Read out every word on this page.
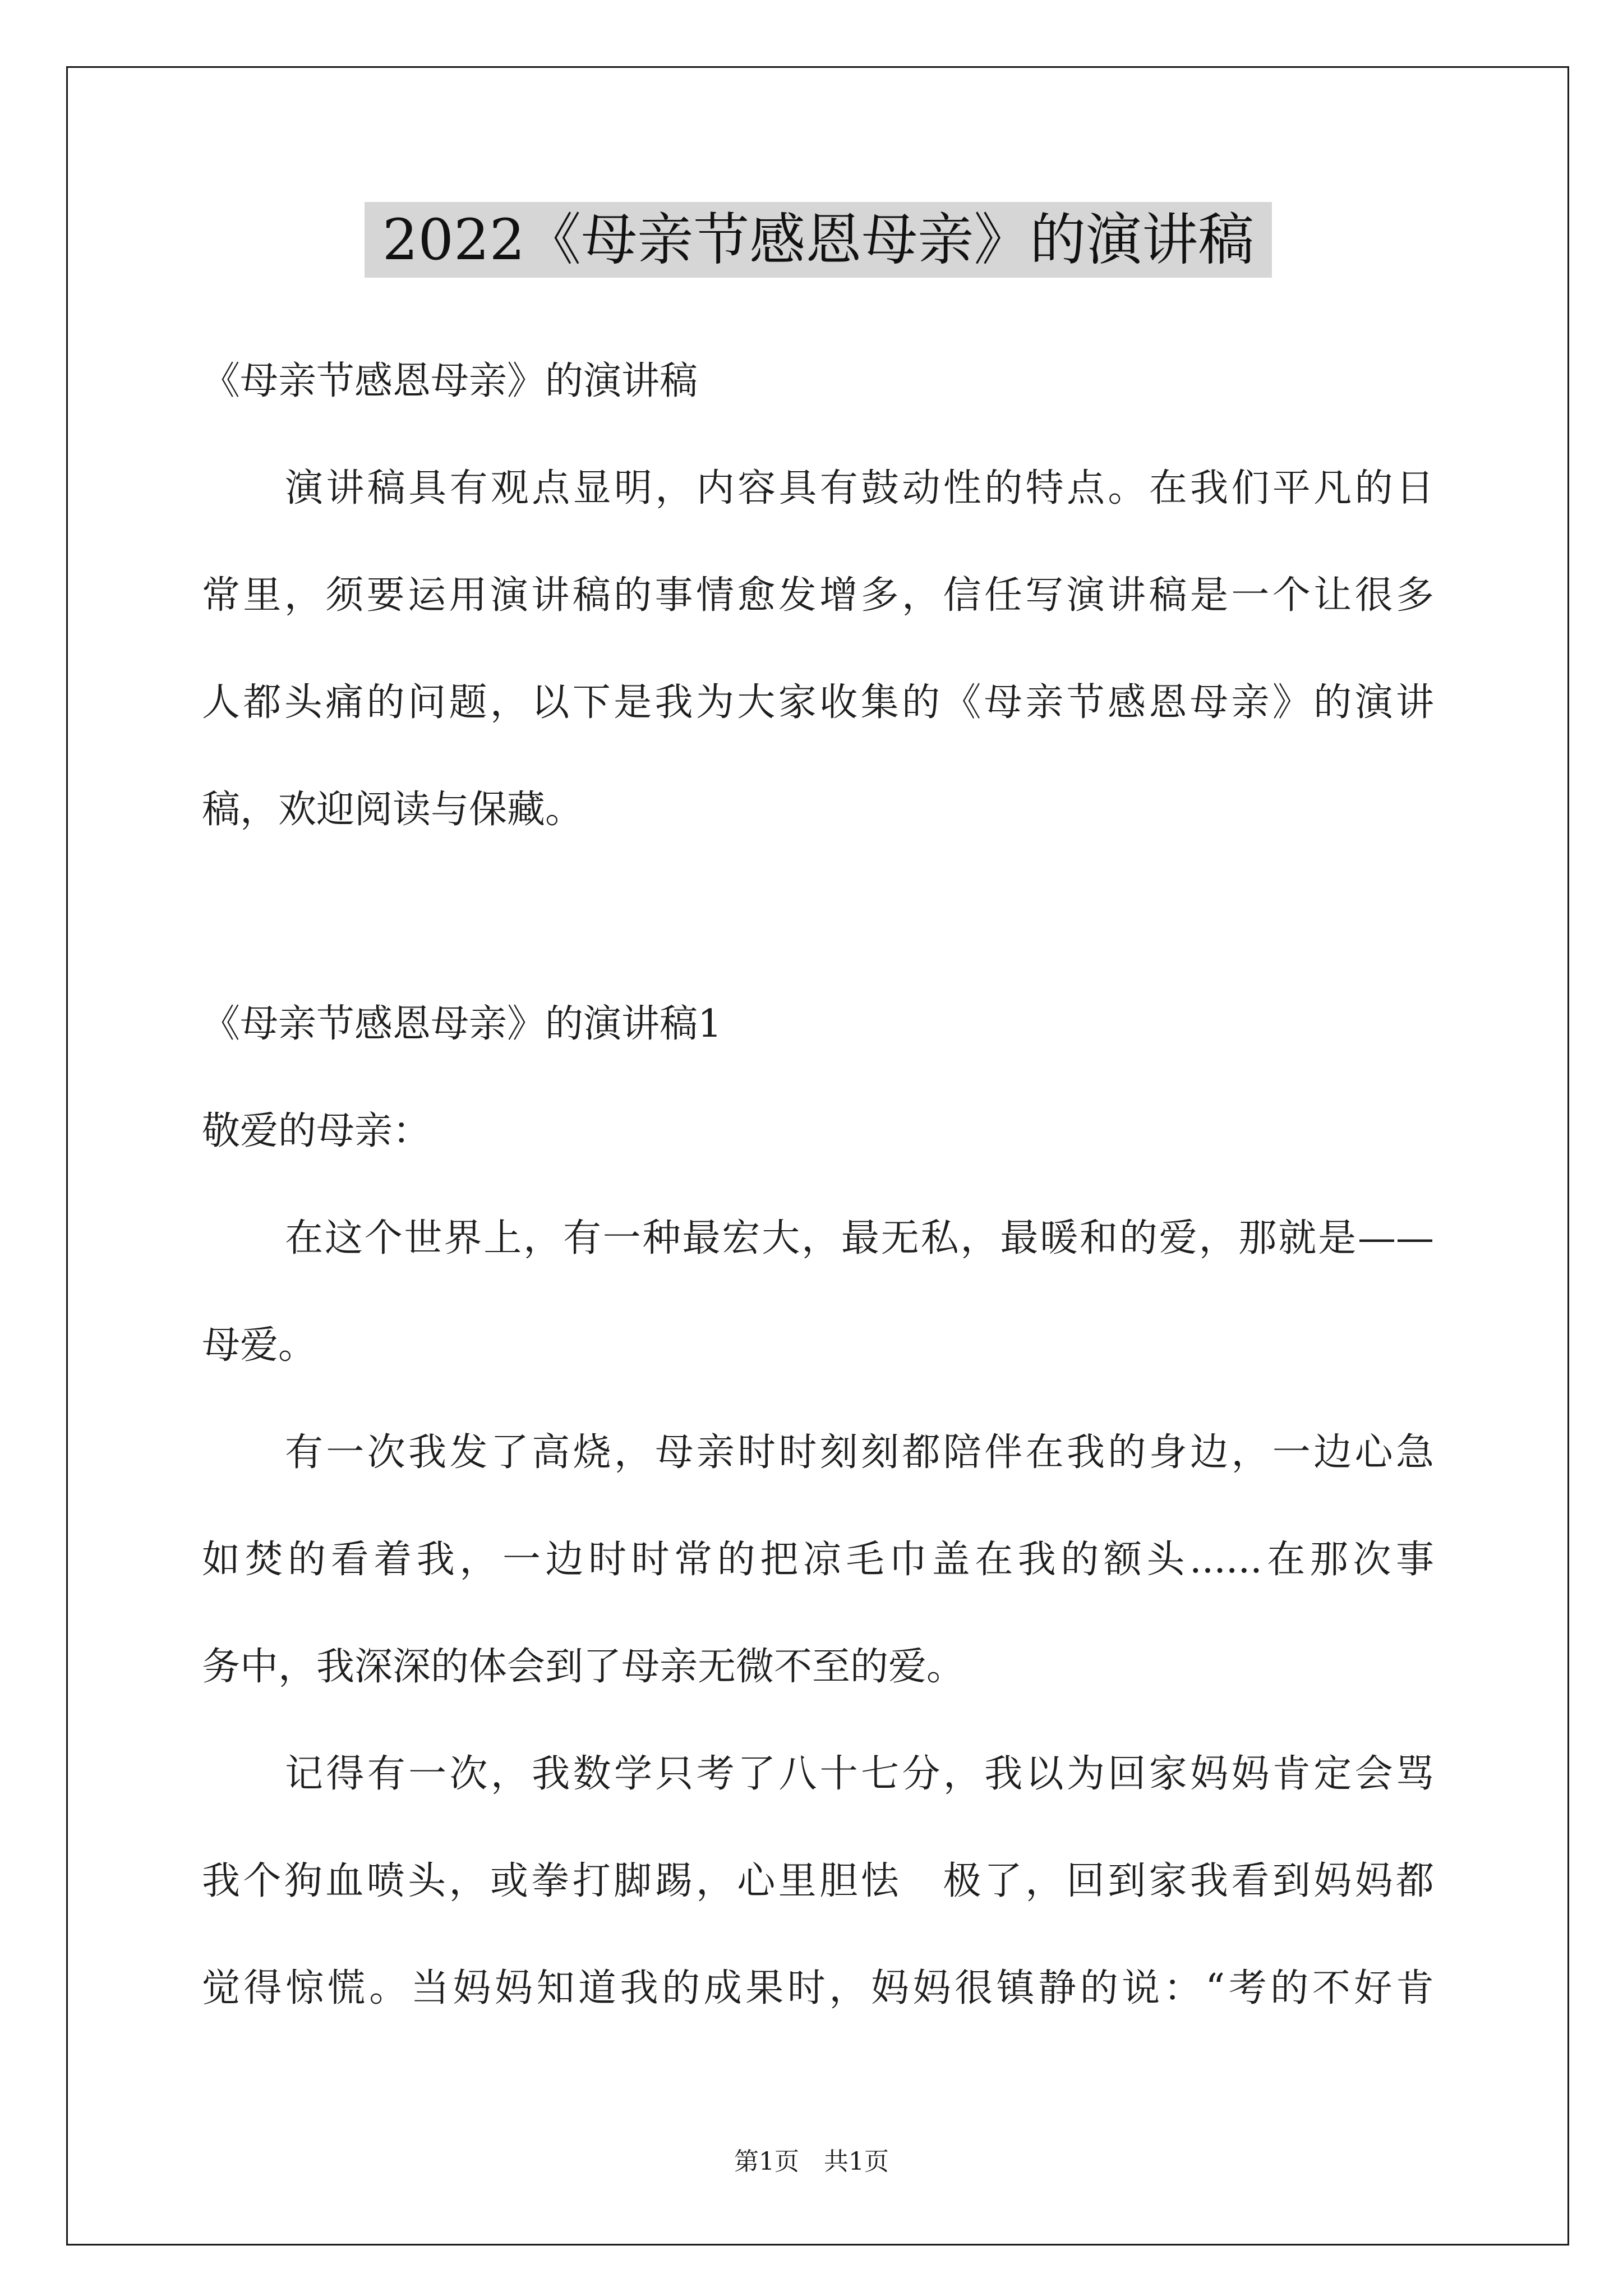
2022《母亲节感恩母亲》的演讲稿
《母亲节感恩母亲》的演讲稿
演讲稿具有观点显明，内容具有鼓动性的特点。在我们平凡的日
常里，须要运用演讲稿的事情愈发增多，信任写演讲稿是一个让很多
人都头痛的问题，以下是我为大家收集的《母亲节感恩母亲》的演讲
稿，欢迎阅读与保藏。
《母亲节感恩母亲》的演讲稿1
敬爱的母亲：
在这个世界上，有一种最宏大，最无私，最暖和的爱，那就是——
母爱。
有一次我发了高烧，母亲时时刻刻都陪伴在我的身边，一边心急
如焚的看着我，一边时时常的把凉毛巾盖在我的额头......在那次事
务中，我深深的体会到了母亲无微不至的爱。
记得有一次，我数学只考了八十七分，我以为回家妈妈肯定会骂
我个狗血喷头，或拳打脚踢，心里胆怯　极了，回到家我看到妈妈都
觉得惊慌。当妈妈知道我的成果时，妈妈很镇静的说：“考的不好肯
第1页　共1页
